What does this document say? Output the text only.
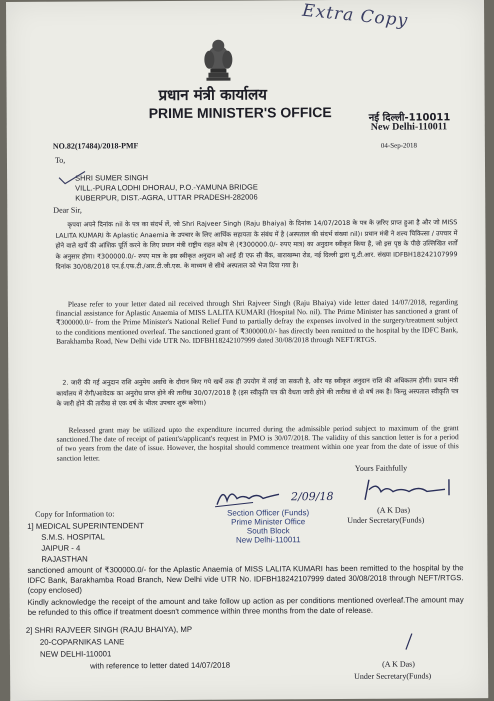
Extra Copy
प्रधान मंत्री कार्यालय
PRIME MINISTER'S OFFICE	नई दिल्ली-110011
New Delhi-110011
NO.82(17484)/2018-PMF	04-Sep-2018
To,
SHRI SUMER SINGH
VILL.-PURA LODHI DHORAU, P.O.-YAMUNA BRIDGE
KUBERPUR, DIST.-AGRA, UTTAR PRADESH-282006
Dear Sir,

कृपया अपने दिनांक nil के पत्र का संदर्भ लें, जो Shri Rajveer Singh (Raju Bhaiya) के दिनांक 14/07/2018 के पत्र के ज़रिए प्राप्त हुआ है और जो MISS LALITA KUMARI के Aplastic Anaemia के उपचार के लिए आर्थिक सहायता के संबंध में है (अस्पताल की संदर्भ संख्या nil)। प्रधान मंत्री ने शल्य चिकित्सा / उपचार में होने वाले खर्चे की आंशिक पूर्ति करने के लिए प्रधान मंत्री राष्ट्रीय राहत कोष से (₹300000.0/- रुपए मात्र) का अनुदान स्वीकृत किया है, जो इस पृष्ठ के पीछे उल्लिखित शर्तों के अनुसार होगा। ₹300000.0/- रुपए मात्र के इस स्वीकृत अनुदान को आई डी एफ सी बैंक, बाराखम्भा रोड, नई दिल्ली द्वारा यू.टी.आर. संख्या IDFBH18242107999 दिनांक 30/08/2018 एन.ई.एफ.टी./आर.टी.जी.एस. के माध्यम से सीधे अस्पताल को भेज दिया गया है।

Please refer to your letter dated nil received through Shri Rajveer Singh (Raju Bhaiya) vide letter dated 14/07/2018, regarding financial assistance for Aplastic Anaemia of MISS LALITA KUMARI (Hospital No. nil). The Prime Minister has sanctioned a grant of ₹300000.0/- from the Prime Minister's National Relief Fund to partially defray the expenses involved in the surgery/treatment subject to the conditions mentioned overleaf. The sanctioned grant of ₹300000.0/- has directly been remitted to the hospital by the IDFC Bank, Barakhamba Road, New Delhi vide UTR No. IDFBH18242107999 dated 30/08/2018 through NEFT/RTGS.

2. जारी की गई अनुदान राशि अनुमेय अवधि के दौरान किए गये खर्चे तक ही उपयोग में लाई जा सकती है, और यह स्वीकृत अनुदान राशि की अधिकतम होगी। प्रधान मंत्री कार्यालय में रोगी/आवेदक का अनुरोध प्राप्त होने की तारीख 30/07/2018 है (इस स्वीकृति पत्र की वैधता जारी होने की तारीख से दो वर्ष तक है। किन्तु अस्पताल स्वीकृति पत्र के जारी होने की तारीख से एक वर्ष के भीतर उपचार शुरू करेगा।)

Released grant may be utilized upto the expenditure incurred during the admissible period subject to maximum of the grant sanctioned.The date of receipt of patient's/applicant's request in PMO is 30/07/2018. The validity of this sanction letter is for a period of two years from the date of issue. However, the hospital should commence treatment within one year from the date of issue of this sanction letter.

Yours Faithfully
2/09/18
Section Officer (Funds)
Prime Minister Office
South Block
New Delhi-110011
(A K Das)
Under Secretary(Funds)
Copy for Information to:
1] MEDICAL SUPERINTENDENT
S.M.S. HOSPITAL
JAIPUR - 4
RAJASTHAN

sanctioned amount of ₹300000.0/- for the Aplastic Anaemia of MISS LALITA KUMARI has been remitted to the hospital by the IDFC Bank, Barakhamba Road Branch, New Delhi vide UTR No. IDFBH18242107999 dated 30/08/2018 through NEFT/RTGS. (copy enclosed)

Kindly acknowledge the receipt of the amount and take follow up action as per conditions mentioned overleaf.The amount may be refunded to this office if treatment doesn't commence within three months from the date of release.

2] SHRI RAJVEER SINGH (RAJU BHAIYA), MP
20-COPARNIKAS LANE
NEW DELHI-110001
with reference to letter dated 14/07/2018	(A K Das)
Under Secretary(Funds)
